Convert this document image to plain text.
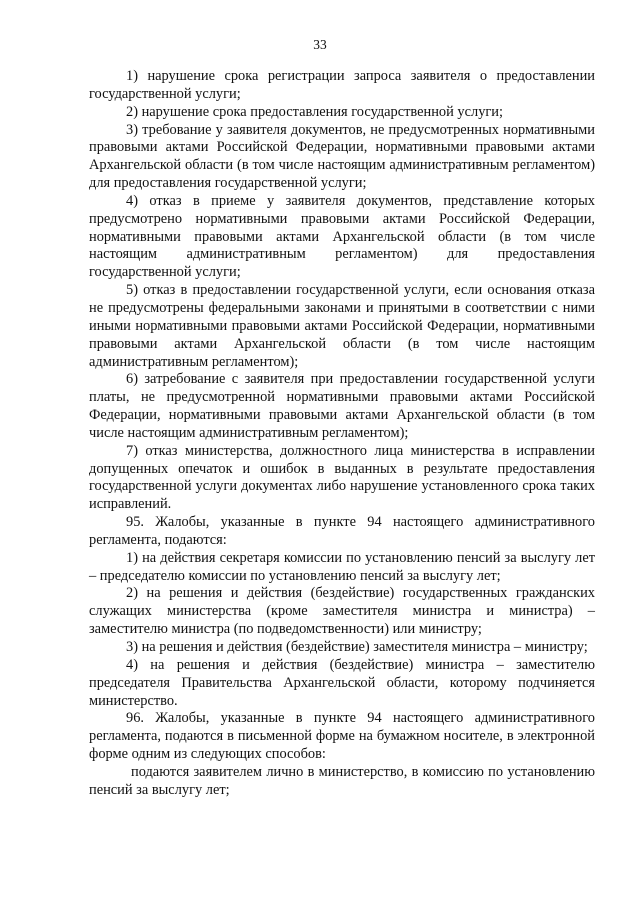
33

1) нарушение срока регистрации запроса заявителя о предоставлении государственной услуги;

2) нарушение срока предоставления государственной услуги;

3) требование у заявителя документов, не предусмотренных нормативными правовыми актами Российской Федерации, нормативными правовыми актами Архангельской области (в том числе настоящим административным регламентом) для предоставления государственной услуги;

4) отказ в приеме у заявителя документов, представление которых предусмотрено нормативными правовыми актами Российской Федерации, нормативными правовыми актами Архангельской области (в том числе настоящим административным регламентом) для предоставления государственной услуги;

5) отказ в предоставлении государственной услуги, если основания отказа не предусмотрены федеральными законами и принятыми в соответствии с ними иными нормативными правовыми актами Российской Федерации, нормативными правовыми актами Архангельской области (в том числе настоящим административным регламентом);

6) затребование с заявителя при предоставлении государственной услуги платы, не предусмотренной нормативными правовыми актами Российской Федерации, нормативными правовыми актами Архангельской области (в том числе настоящим административным регламентом);

7) отказ министерства, должностного лица министерства в исправлении допущенных опечаток и ошибок в выданных в результате предоставления государственной услуги документах либо нарушение установленного срока таких исправлений.

95. Жалобы, указанные в пункте 94 настоящего административного регламента, подаются:

1) на действия секретаря комиссии по установлению пенсий за выслугу лет – председателю комиссии по установлению пенсий за выслугу лет;

2) на решения и действия (бездействие) государственных гражданских служащих министерства (кроме заместителя министра и министра) – заместителю министра (по подведомственности) или министру;

3) на решения и действия (бездействие) заместителя министра – министру;

4) на решения и действия (бездействие) министра – заместителю председателя Правительства Архангельской области, которому подчиняется министерство.

96. Жалобы, указанные в пункте 94 настоящего административного регламента, подаются в письменной форме на бумажном носителе, в электронной форме одним из следующих способов:

подаются заявителем лично в министерство, в комиссию по установлению пенсий за выслугу лет;
